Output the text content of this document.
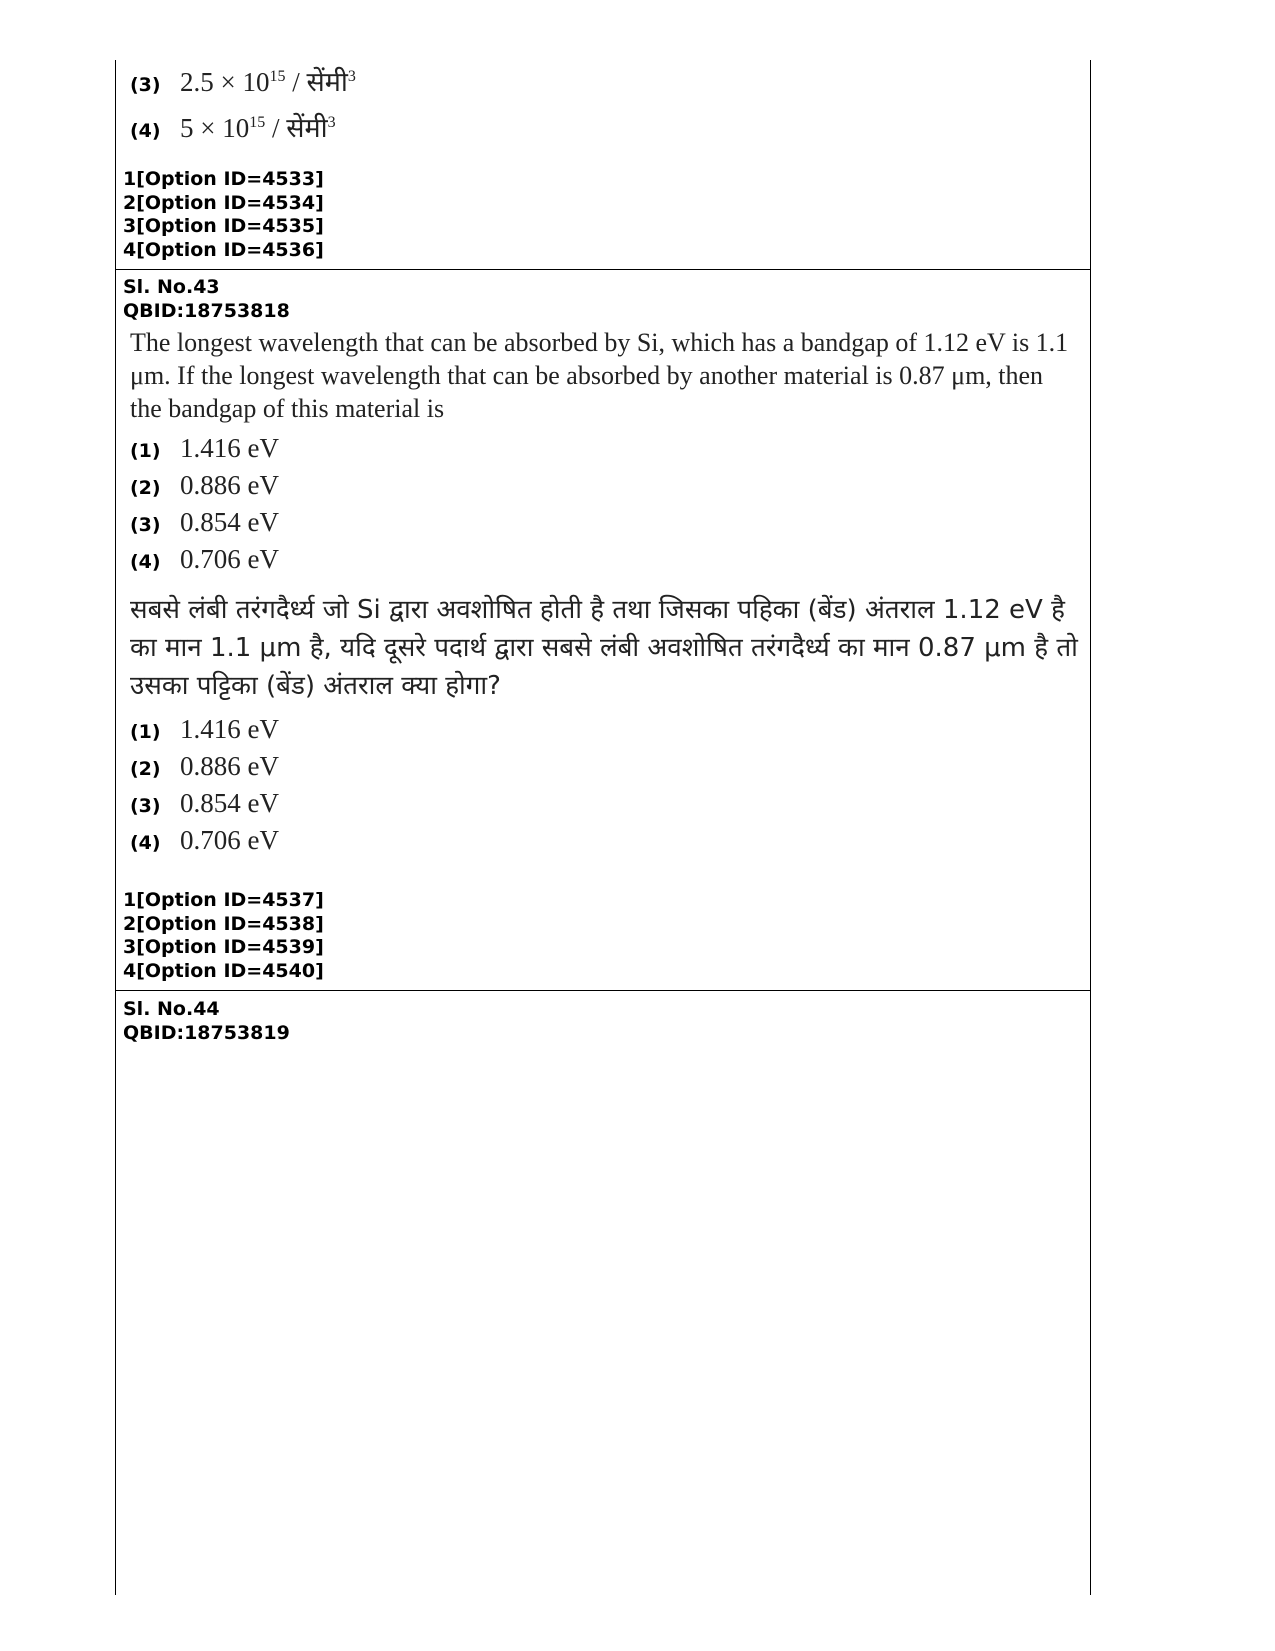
(3) $2.5 \times 10^{15}$ / सेंमी$^3$
(4) $5 \times 10^{15}$ / सेंमी$^3$
1[Option ID=4533]
2[Option ID=4534]
3[Option ID=4535]
4[Option ID=4536]
Sl. No.43
QBID:18753818
The longest wavelength that can be absorbed by Si, which has a bandgap of 1.12 eV is 1.1 μm. If the longest wavelength that can be absorbed by another material is 0.87 μm, then the bandgap of this material is
(1) 1.416 eV
(2) 0.886 eV
(3) 0.854 eV
(4) 0.706 eV
सबसे लंबी तरंगदैर्ध्य जो Si द्वारा अवशोषित होती है तथा जिसका पहिका (बेंड) अंतराल 1.12 eV है का मान 1.1 μm है, यदि दूसरे पदार्थ द्वारा सबसे लंबी अवशोषित तरंगदैर्ध्य का मान 0.87 μm है तो उसका पट्टिका (बेंड) अंतराल क्या होगा?
(1) 1.416 eV
(2) 0.886 eV
(3) 0.854 eV
(4) 0.706 eV
1[Option ID=4537]
2[Option ID=4538]
3[Option ID=4539]
4[Option ID=4540]
Sl. No.44
QBID:18753819
